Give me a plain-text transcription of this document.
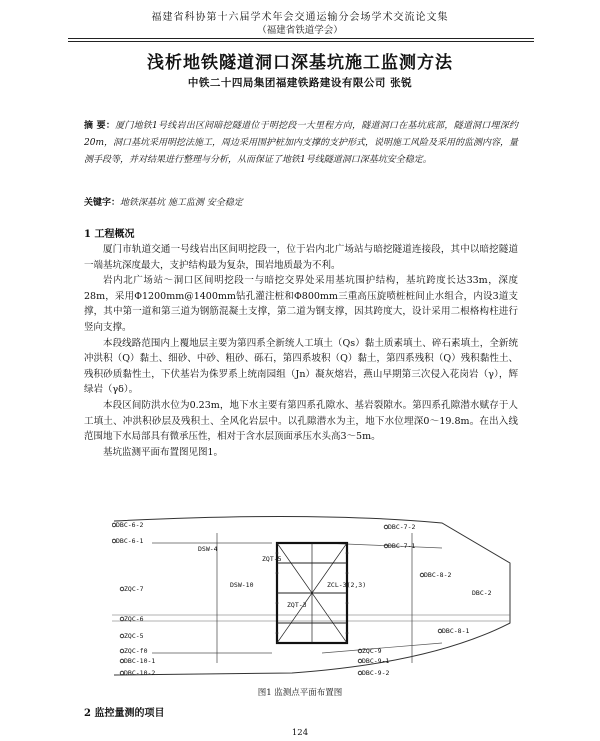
福建省科协第十六届学术年会交通运输分会场学术交流论文集
（福建省铁道学会）
浅析地铁隧道洞口深基坑施工监测方法
中铁二十四局集团福建铁路建设有限公司 张锐
摘 要：厦门地铁1号线岩出区间暗挖隧道位于明挖段一大里程方向，隧道洞口在基坑底部，隧道洞口埋深约20m，洞口基坑采用明挖法施工，周边采用围护桩加内支撑的支护形式，说明施工风险及采用的监测内容，量测手段等，并对结果进行整理与分析，从而保证了地铁1号线隧道洞口深基坑安全稳定。
关键字：地铁深基坑 施工监测 安全稳定
1 工程概况

厦门市轨道交通一号线岩出区间明挖段一，位于岩内北广场站与暗挖隧道连接段，其中以暗挖隧道一端基坑深度最大，支护结构最为复杂，围岩地质最为不利。

岩内北广场站～洞口区间明挖段一与暗挖交界处采用基坑围护结构，基坑跨度长达33m，深度28m，采用Φ1200mm@1400mm钻孔灌注桩和Φ800mm三重高压旋喷桩桩间止水组合，内设3道支撑，其中第一道和第三道为钢筋混凝土支撑，第二道为钢支撑，因其跨度大，设计采用二根格构柱进行竖向支撑。

本段线路范围内上覆地层主要为第四系全新统人工填土（Qs）黏土质素填土、碎石素填土，全新统冲洪积（Q）黏土、细砂、中砂、粗砂、砾石，第四系坡积（Q）黏土，第四系残积（Q）残积黏性土、残积砂质黏性土，下伏基岩为侏罗系上统南园组（Jn）凝灰熔岩，燕山早期第三次侵入花岗岩（γ），辉绿岩（γδ）。

本段区间防洪水位为0.23m，地下水主要有第四系孔隙水、基岩裂隙水。第四系孔隙潜水赋存于人工填土、冲洪积砂层及残积土、全风化岩层中。以孔隙潜水为主，地下水位埋深0～19.8m。在出入线范围地下水局部具有微承压性，相对于含水层顶面承压水头高3～5m。

基坑监测平面布置图见图1。

DBC-6-2
DBC-6-1
DSW-4
DBC-7-2
DBC-7-1
ZQT-5
ZCL-3(2,3)
ZQT-3
ZQC-7	DSW-10
DBC-8-2
ZQC-6
ZQC-5
ZQC-f0
DBC-10-1
DBC-10-2
ZQC-9
DBC-9-1
DBC-9-2
DBC-8-1
DBC-2
图1 监测点平面布置图
2 监控量测的项目
124
